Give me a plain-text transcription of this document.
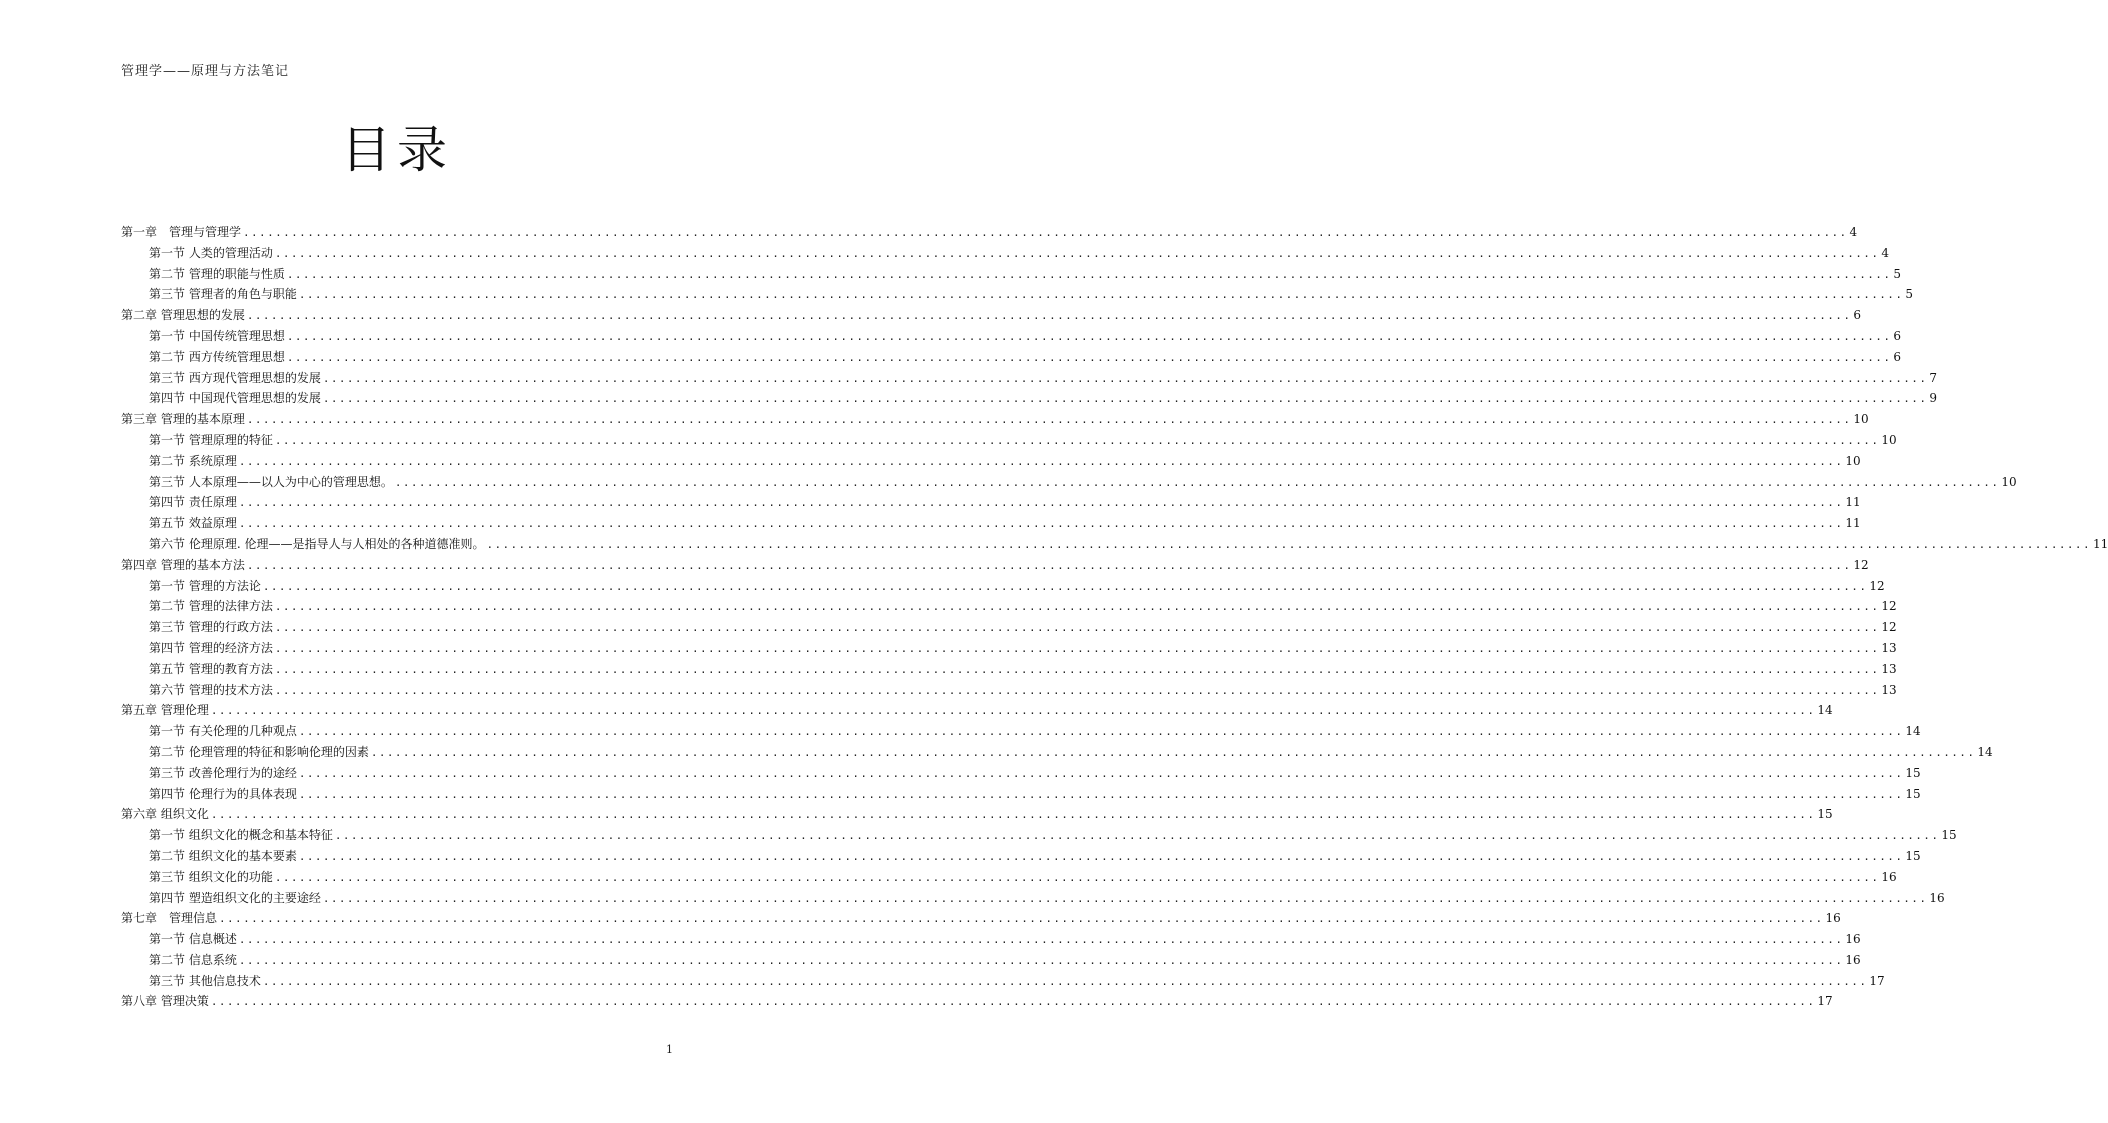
管理学——原理与方法笔记
目录
第一章　管理与管理学 ........................................................................................................................................................................................................ 4
第一节 人类的管理活动 ........................................................................................................................................................................................................ 4
第二节 管理的职能与性质 ........................................................................................................................................................................................................ 5
第三节 管理者的角色与职能 ........................................................................................................................................................................................................ 5
第二章 管理思想的发展 ........................................................................................................................................................................................................ 6
第一节 中国传统管理思想 ........................................................................................................................................................................................................ 6
第二节 西方传统管理思想 ........................................................................................................................................................................................................ 6
第三节 西方现代管理思想的发展 ........................................................................................................................................................................................................ 7
第四节 中国现代管理思想的发展 ........................................................................................................................................................................................................ 9
第三章 管理的基本原理 ........................................................................................................................................................................................................ 10
第一节 管理原理的特征 ........................................................................................................................................................................................................ 10
第二节 系统原理 ........................................................................................................................................................................................................ 10
第三节 人本原理——以人为中心的管理思想。 ........................................................................................................................................................................................................ 10
第四节 责任原理 ........................................................................................................................................................................................................ 11
第五节 效益原理 ........................................................................................................................................................................................................ 11
第六节 伦理原理. 伦理——是指导人与人相处的各种道德准则。 ........................................................................................................................................................................................................ 11
第四章 管理的基本方法 ........................................................................................................................................................................................................ 12
第一节 管理的方法论 ........................................................................................................................................................................................................ 12
第二节 管理的法律方法 ........................................................................................................................................................................................................ 12
第三节 管理的行政方法 ........................................................................................................................................................................................................ 12
第四节 管理的经济方法 ........................................................................................................................................................................................................ 13
第五节 管理的教育方法 ........................................................................................................................................................................................................ 13
第六节 管理的技术方法 ........................................................................................................................................................................................................ 13
第五章 管理伦理 ........................................................................................................................................................................................................ 14
第一节 有关伦理的几种观点 ........................................................................................................................................................................................................ 14
第二节 伦理管理的特征和影响伦理的因素 ........................................................................................................................................................................................................ 14
第三节 改善伦理行为的途经 ........................................................................................................................................................................................................ 15
第四节 伦理行为的具体表现 ........................................................................................................................................................................................................ 15
第六章 组织文化 ........................................................................................................................................................................................................ 15
第一节 组织文化的概念和基本特征 ........................................................................................................................................................................................................ 15
第二节 组织文化的基本要素 ........................................................................................................................................................................................................ 15
第三节 组织文化的功能 ........................................................................................................................................................................................................ 16
第四节 塑造组织文化的主要途经 ........................................................................................................................................................................................................ 16
第七章　管理信息 ........................................................................................................................................................................................................ 16
第一节 信息概述 ........................................................................................................................................................................................................ 16
第二节 信息系统 ........................................................................................................................................................................................................ 16
第三节 其他信息技术 ........................................................................................................................................................................................................ 17
第八章 管理决策 ........................................................................................................................................................................................................ 17
1
